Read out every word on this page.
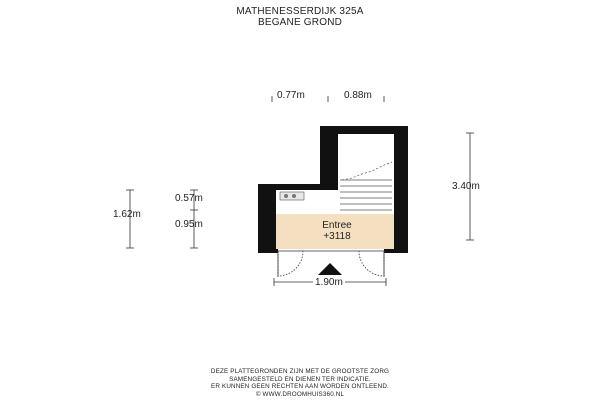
MATHENESSERDIJK 325A
BEGANE GROND
Entree
+3118
0.77m	0.88m
3.40m
1.62m
0.57m
0.95m
1.90m
DEZE PLATTEGRONDEN ZIJN MET DE GROOTSTE ZORG
SAMENGESTELD EN DIENEN TER INDICATIE.
ER KUNNEN GEEN RECHTEN AAN WORDEN ONTLEEND.
© WWW.DROOMHUIS360.NL
